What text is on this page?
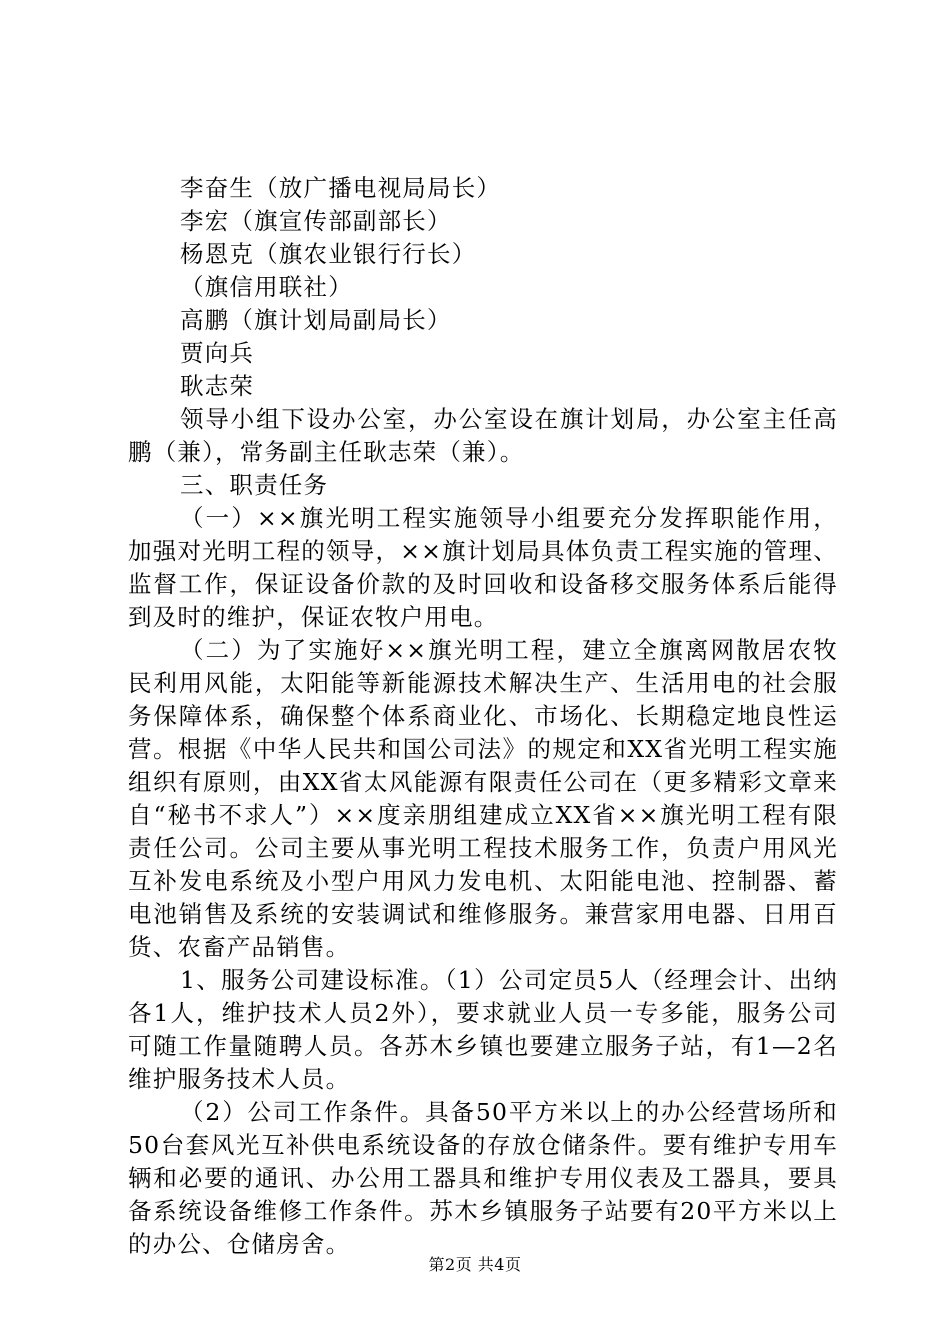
李奋生（放广播电视局局长）

李宏（旗宣传部副部长）

杨恩克（旗农业银行行长）

（旗信用联社）

高鹏（旗计划局副局长）

贾向兵

耿志荣

领导小组下设办公室，办公室设在旗计划局，办公室主任高鹏（兼），常务副主任耿志荣（兼）。

三、职责任务

（一）××旗光明工程实施领导小组要充分发挥职能作用，加强对光明工程的领导，××旗计划局具体负责工程实施的管理、监督工作，保证设备价款的及时回收和设备移交服务体系后能得到及时的维护，保证农牧户用电。

（二）为了实施好××旗光明工程，建立全旗离网散居农牧民利用风能，太阳能等新能源技术解决生产、生活用电的社会服务保障体系，确保整个体系商业化、市场化、长期稳定地良性运营。根据《中华人民共和国公司法》的规定和XX省光明工程实施组织有原则，由XX省太风能源有限责任公司在（更多精彩文章来自“秘书不求人”）××度亲朋组建成立XX省××旗光明工程有限责任公司。公司主要从事光明工程技术服务工作，负责户用风光互补发电系统及小型户用风力发电机、太阳能电池、控制器、蓄电池销售及系统的安装调试和维修服务。兼营家用电器、日用百货、农畜产品销售。

1、服务公司建设标准。（1）公司定员5人（经理会计、出纳各1人，维护技术人员2外），要求就业人员一专多能，服务公司可随工作量随聘人员。各苏木乡镇也要建立服务子站，有1—2名维护服务技术人员。

（2）公司工作条件。具备50平方米以上的办公经营场所和50台套风光互补供电系统设备的存放仓储条件。要有维护专用车辆和必要的通讯、办公用工器具和维护专用仪表及工器具，要具备系统设备维修工作条件。苏木乡镇服务子站要有20平方米以上的办公、仓储房舍。

第2页 共4页
